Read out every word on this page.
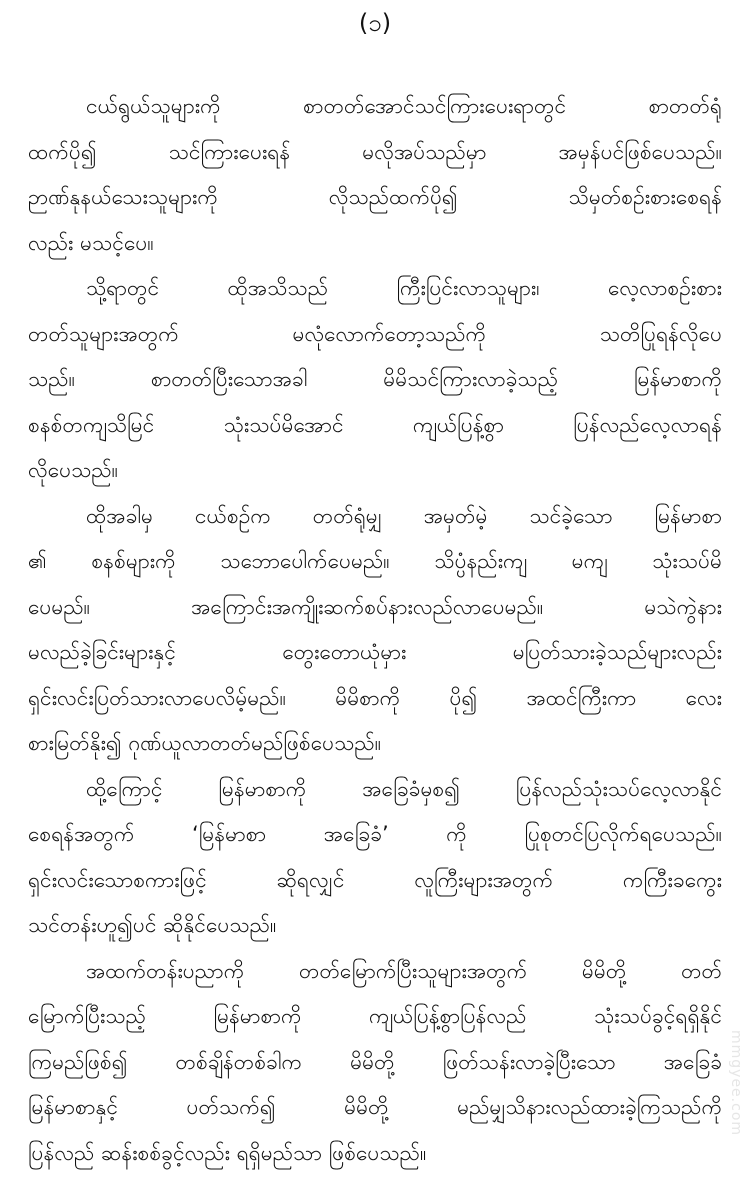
(၁)
ငယ်ရွယ်သူများကို စာတတ်အောင်သင်ကြားပေးရာတွင် စာတတ်ရုံ
ထက်ပို၍ သင်ကြားပေးရန် မလိုအပ်သည်မှာ အမှန်ပင်ဖြစ်ပေသည်။
ဉာဏ်နုနယ်သေးသူများကို လိုသည်ထက်ပို၍ သိမှတ်စဉ်းစားစေရန်
လည်း မသင့်ပေ။
သို့ရာတွင် ထိုအသိသည် ကြီးပြင်းလာသူများ၊ လေ့လာစဉ်းစား
တတ်သူများအတွက် မလုံလောက်တော့သည်ကို သတိပြုရန်လိုပေ
သည်။ စာတတ်ပြီးသောအခါ မိမိသင်ကြားလာခဲ့သည့် မြန်မာစာကို
စနစ်တကျသိမြင် သုံးသပ်မိအောင် ကျယ်ပြန့်စွာ ပြန်လည်လေ့လာရန်
လိုပေသည်။
ထိုအခါမှ ငယ်စဉ်က တတ်ရုံမျှ အမှတ်မဲ့ သင်ခဲ့သော မြန်မာစာ
၏ စနစ်များကို သဘောပေါက်ပေမည်။ သိပ္ပံနည်းကျ မကျ သုံးသပ်မိ
ပေမည်။ အကြောင်းအကျိုးဆက်စပ်နားလည်လာပေမည်။ မသဲကွဲနား
မလည်ခဲ့ခြင်းများနှင့် တွေးတောယုံမှား မပြတ်သားခဲ့သည်များလည်း
ရှင်းလင်းပြတ်သားလာပေလိမ့်မည်။ မိမိစာကို ပို၍ အထင်ကြီးကာ လေး
စားမြတ်နိုး၍ ဂုဏ်ယူလာတတ်မည်ဖြစ်ပေသည်။
ထို့ကြောင့် မြန်မာစာကို အခြေခံမှစ၍ ပြန်လည်သုံးသပ်လေ့လာနိုင်
စေရန်အတွက် ‘မြန်မာစာ အခြေခံ’ ကို ပြုစုတင်ပြလိုက်ရပေသည်။
ရှင်းလင်းသောစကားဖြင့် ဆိုရလျှင် လူကြီးများအတွက် ကကြီးခကွေး
သင်တန်းဟူ၍ပင် ဆိုနိုင်ပေသည်။
အထက်တန်းပညာကို တတ်မြောက်ပြီးသူများအတွက် မိမိတို့ တတ်
မြောက်ပြီးသည့် မြန်မာစာကို ကျယ်ပြန့်စွာပြန်လည် သုံးသပ်ခွင့်ရရှိနိုင်
ကြမည်ဖြစ်၍ တစ်ချိန်တစ်ခါက မိမိတို့ ဖြတ်သန်းလာခဲ့ပြီးသော အခြေခံ
မြန်မာစာနှင့် ပတ်သက်၍ မိမိတို့ မည်မျှသိနားလည်ထားခဲ့ကြသည်ကို
ပြန်လည် ဆန်းစစ်ခွင့်လည်း ရရှိမည်သာ ဖြစ်ပေသည်။
mmgyee.com
